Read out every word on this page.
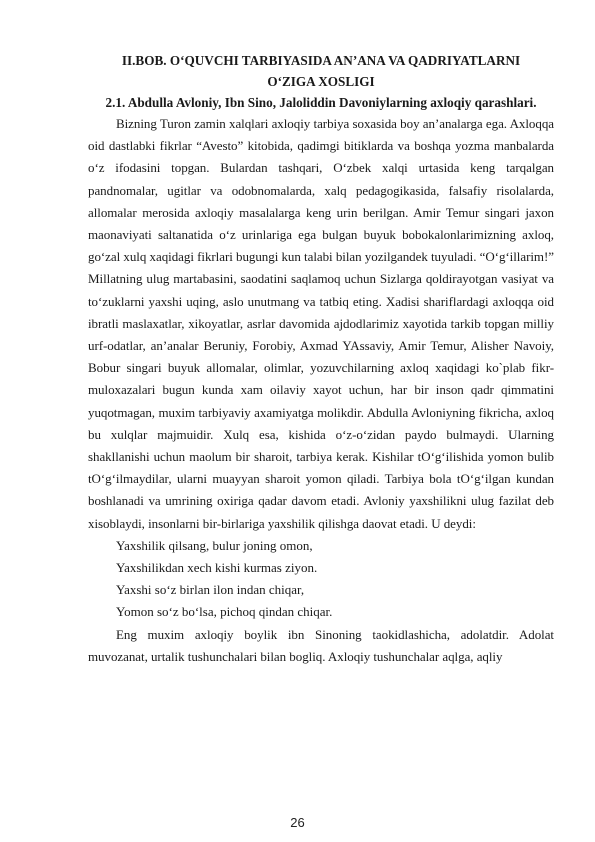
II.BOB. O‘QUVCHI TARBIYASIDA AN’ANA VA QADRIYATLARNI

O‘ZIGA XOSLIGI

2.1. Abdulla Avloniy, Ibn Sino, Jaloliddin Davoniylarning axloqiy qarashlari.

Bizning Turon zamin xalqlari axloqiy tarbiya soxasida boy an’analarga ega. Axloqqa oid dastlabki fikrlar “Avesto” kitobida, qadimgi bitiklarda va boshqa yozma manbalarda o‘z ifodasini topgan. Bulardan tashqari, O‘zbek xalqi urtasida keng tarqalgan pandnomalar, ugitlar va odobnomalarda, xalq pedagogikasida, falsafiy risolalarda, allomalar merosida axloqiy masalalarga keng urin berilgan. Amir Temur singari jaxon maonaviyati saltanatida o‘z urinlariga ega bulgan buyuk bobokalonlarimizning axloq, go‘zal xulq xaqidagi fikrlari bugungi kun talabi bilan yozilgandek tuyuladi. “O‘g‘illarim!” Millatning ulug martabasini, saodatini saqlamoq uchun Sizlarga qoldirayotgan vasiyat va to‘zuklarni yaxshi uqing, aslo unutmang va tatbiq eting. Xadisi shariflardagi axloqqa oid ibratli maslaxatlar, xikoyatlar, asrlar davomida ajdodlarimiz xayotida tarkib topgan milliy urf-odatlar, an’analar Beruniy, Forobiy, Axmad YAssaviy, Amir Temur, Alisher Navoiy, Bobur singari buyuk allomalar, olimlar, yozuvchilarning axloq xaqidagi ko`plab fikr-muloxazalari bugun kunda xam oilaviy xayot uchun, har bir inson qadr qimmatini yuqotmagan, muxim tarbiyaviy axamiyatga molikdir. Abdulla Avloniyning fikricha, axloq bu xulqlar majmuidir. Xulq esa, kishida o‘z-o‘zidan paydo bulmaydi. Ularning shakllanishi uchun maolum bir sharoit, tarbiya kerak. Kishilar tO‘g‘ilishida yomon bulib tO‘g‘ilmaydilar, ularni muayyan sharoit yomon qiladi. Tarbiya bola tO‘g‘ilgan kundan boshlanadi va umrining oxiriga qadar davom etadi. Avloniy yaxshilikni ulug fazilat deb xisoblaydi, insonlarni bir-birlariga yaxshilik qilishga daovat etadi. U deydi:

Yaxshilik qilsang, bulur joning omon,

Yaxshilikdan xech kishi kurmas ziyon.

Yaxshi so‘z birlan ilon indan chiqar,

Yomon so‘z bo‘lsa, pichoq qindan chiqar.

Eng muxim axloqiy boylik ibn Sinoning taokidlashicha, adolatdir. Adolat muvozanat, urtalik tushunchalari bilan bogliq. Axloqiy tushunchalar aqlga, aqliy

26
